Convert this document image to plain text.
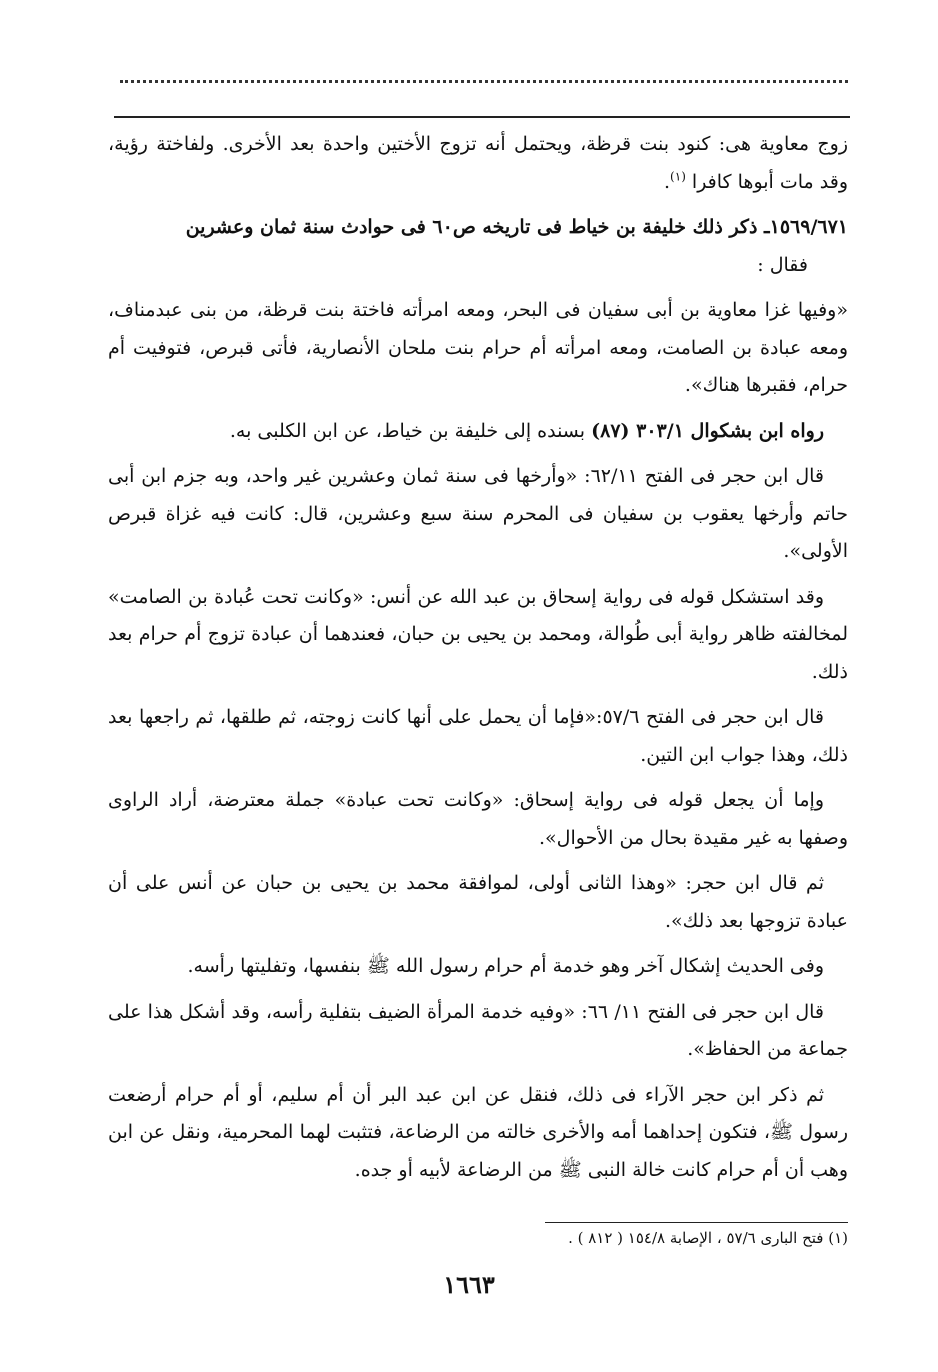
زوج معاوية هى: كنود بنت قرظة، ويحتمل أنه تزوج الأختين واحدة بعد الأخرى. ولفاختة رؤية، وقد مات أبوها كافرا $^{(١)}$.

١٥٦٩/٦٧١ـ ذكر ذلك خليفة بن خياط فى تاريخه ص٦٠ فى حوادث سنة ثمان وعشرين
فقال :

«وفيها غزا معاوية بن أبى سفيان فى البحر، ومعه امرأته فاختة بنت قرظة، من بنى عبدمناف، ومعه عبادة بن الصامت، ومعه امرأته أم حرام بنت ملحان الأنصارية، فأتى قبرص، فتوفيت أم حرام، فقبرها هناك».

رواه ابن بشكوال ٣٠٣/١ (٨٧) بسنده إلى خليفة بن خياط، عن ابن الكلبى به.

قال ابن حجر فى الفتح ٦٢/١١: «وأرخها فى سنة ثمان وعشرين غير واحد، وبه جزم ابن أبى حاتم وأرخها يعقوب بن سفيان فى المحرم سنة سبع وعشرين، قال: كانت فيه غزاة قبرص الأولى».

وقد استشكل قوله فى رواية إسحاق بن عبد الله عن أنس: «وكانت تحت عُبادة بن الصامت» لمخالفته ظاهر رواية أبى طُوالة، ومحمد بن يحيى بن حبان، فعندهما أن عبادة تزوج أم حرام بعد ذلك.

قال ابن حجر فى الفتح ٥٧/٦:«فإما أن يحمل على أنها كانت زوجته، ثم طلقها، ثم راجعها بعد ذلك، وهذا جواب ابن التين.

وإما أن يجعل قوله فى رواية إسحاق: «وكانت تحت عبادة» جملة معترضة، أراد الراوى وصفها به غير مقيدة بحال من الأحوال».

ثم قال ابن حجر: «وهذا الثانى أولى، لموافقة محمد بن يحيى بن حبان عن أنس على أن عبادة تزوجها بعد ذلك».

وفى الحديث إشكال آخر وهو خدمة أم حرام رسول الله ﷺ بنفسها، وتفليتها رأسه.

قال ابن حجر فى الفتح ١١/ ٦٦: «وفيه خدمة المرأة الضيف بتفلية رأسه، وقد أشكل هذا على جماعة من الحفاظ».

ثم ذكر ابن حجر الآراء فى ذلك، فنقل عن ابن عبد البر أن أم سليم، أو أم حرام أرضعت رسول ﷺ، فتكون إحداهما أمه والأخرى خالته من الرضاعة، فتثبت لهما المحرمية، ونقل عن ابن وهب أن أم حرام كانت خالة النبى ﷺ من الرضاعة لأبيه أو جده.

(١) فتح البارى ٥٧/٦ ، الإصابة ١٥٤/٨ ( ٨١٢ ) .
١٦٦٣
